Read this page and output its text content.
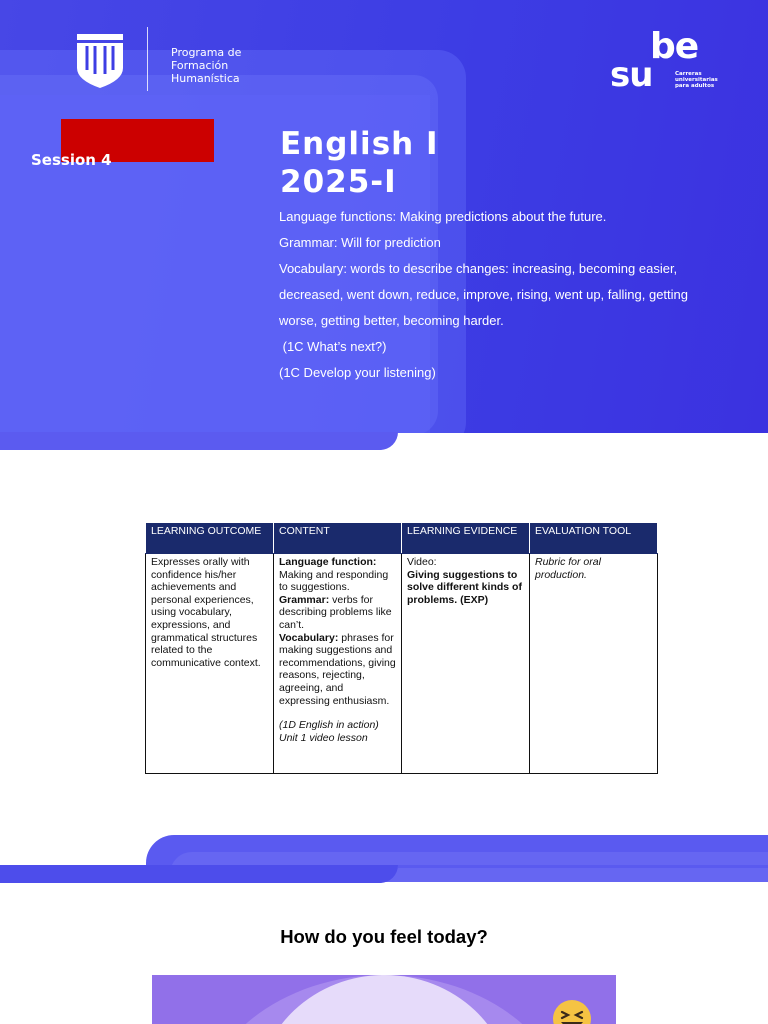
Programa de
Formación
Humanística
be
su	Carreras
universitarias
para adultos
Session 4	English I
2025-I

Language functions: Making predictions about the future.

Grammar: Will for prediction

Vocabulary: words to describe changes: increasing, becoming easier, decreased, went down, reduce, improve, rising, went up, falling, getting worse, getting better, becoming harder.

(1C What’s next?)

(1C Develop your listening)

LEARNING OUTCOME	CONTENT	LEARNING EVIDENCE	EVALUATION TOOL
Expresses orally with confidence his/her achievements and personal experiences, using vocabulary, expressions, and grammatical structures related to the communicative context.	Language function: Making and responding to suggestions.
Grammar: verbs for describing problems like can’t.
Vocabulary: phrases for making suggestions and recommendations, giving reasons, rejecting, agreeing, and expressing enthusiasm.
(1D English in action)
Unit 1 video lesson	Video:
Giving suggestions to solve different kinds of problems. (EXP)	Rubric for oral production.
How do you feel today?
